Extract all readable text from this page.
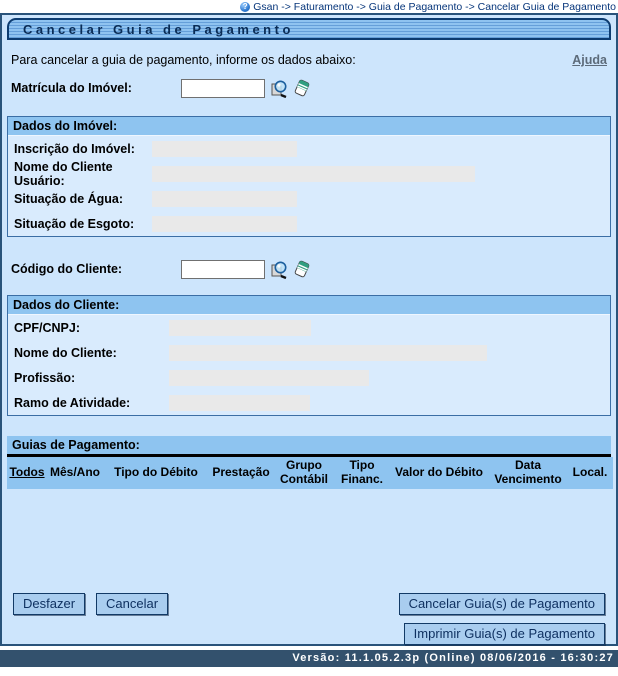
? Gsan -> Faturamento -> Guia de Pagamento -> Cancelar Guia de Pagamento
Cancelar Guia de Pagamento
Para cancelar a guia de pagamento, informe os dados abaixo:	Ajuda
Matrícula do Imóvel:
Dados do Imóvel:
Inscrição do Imóvel:
Nome do Cliente Usuário:
Situação de Água:
Situação de Esgoto:
Código do Cliente:
Dados do Cliente:
CPF/CNPJ:
Nome do Cliente:
Profissão:
Ramo de Atividade:
Guias de Pagamento:
Todos	Mês/Ano	Tipo do Débito	Prestação	Grupo Contábil	Tipo Financ.	Valor do Débito	Data Vencimento	Local.
Desfazer	Cancelar	Cancelar Guia(s) de Pagamento
Imprimir Guia(s) de Pagamento
Versão: 11.1.05.2.3p (Online) 08/06/2016 - 16:30:27
